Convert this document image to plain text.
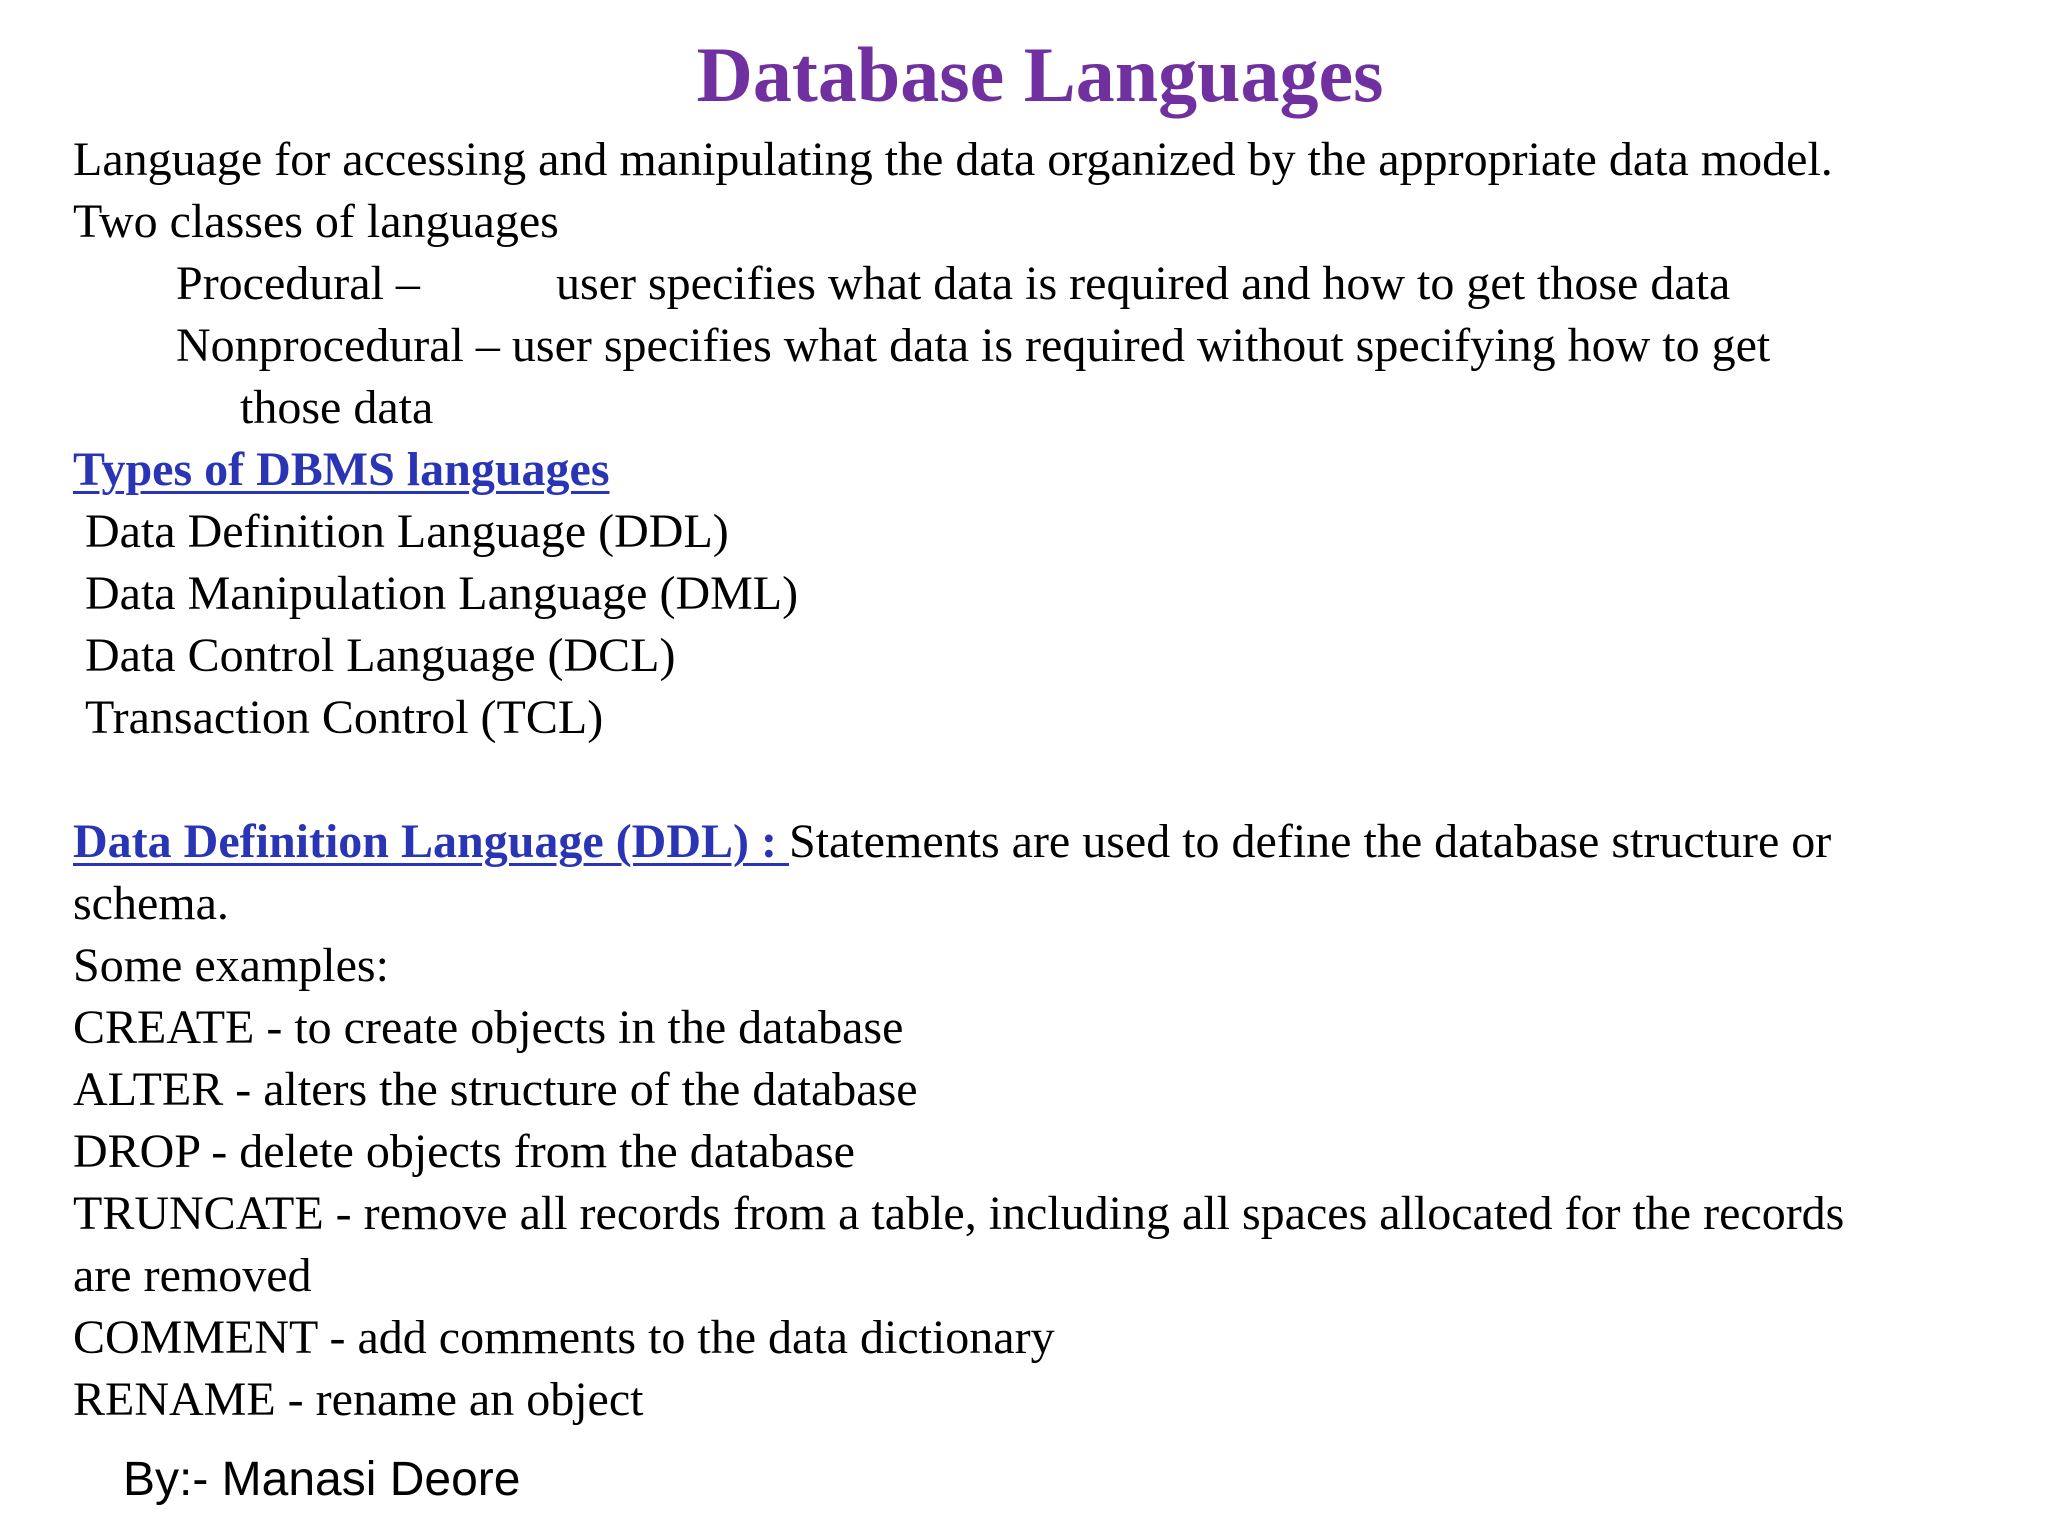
Database Languages
Language for accessing and manipulating the data organized by the appropriate data model.
Two classes of languages
Procedural –	user specifies what data is required and how to get those data
Nonprocedural – user specifies what data is required without specifying how to get
those data
Types of DBMS languages
Data Definition Language (DDL)
Data Manipulation Language (DML)
Data Control Language (DCL)
Transaction Control (TCL)
Data Definition Language (DDL) : Statements are used to define the database structure or
schema.
Some examples:
CREATE - to create objects in the database
ALTER - alters the structure of the database
DROP - delete objects from the database
TRUNCATE - remove all records from a table, including all spaces allocated for the records
are removed
COMMENT - add comments to the data dictionary
RENAME - rename an object
By:- Manasi Deore
